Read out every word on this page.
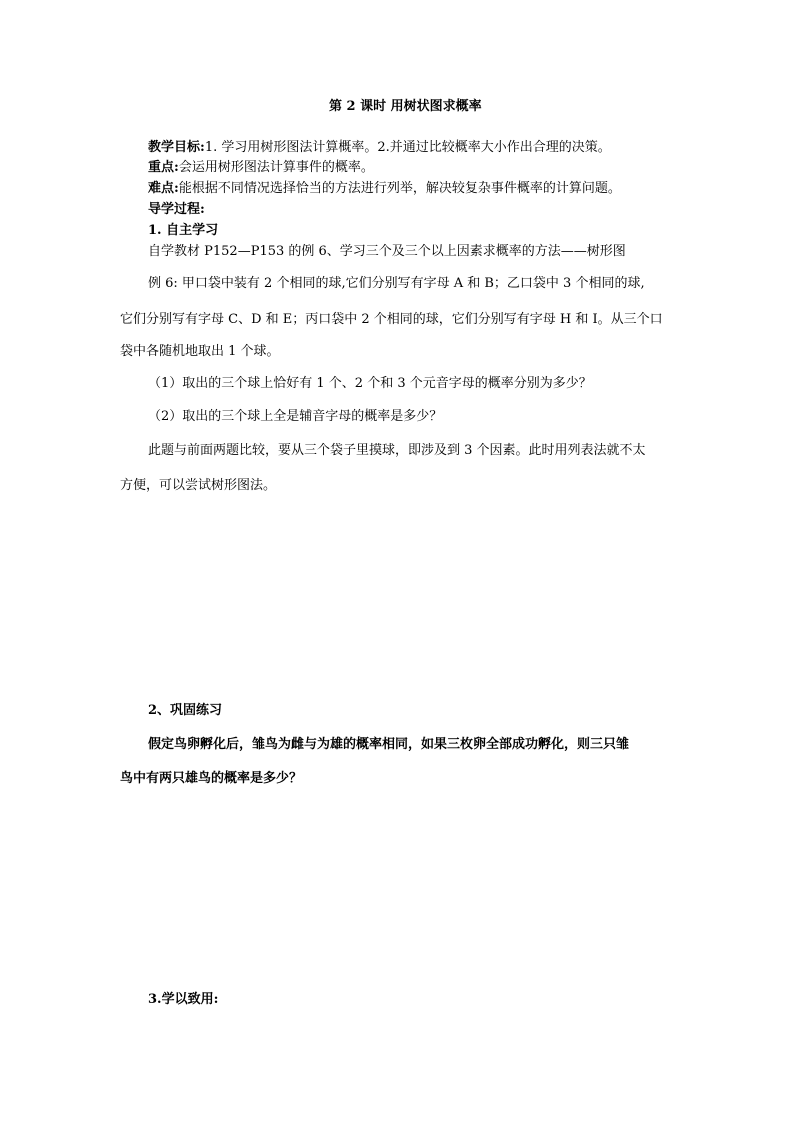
第 2 课时 用树状图求概率
教学目标:1. 学习用树形图法计算概率。2.并通过比较概率大小作出合理的决策。
重点:会运用树形图法计算事件的概率。
难点:能根据不同情况选择恰当的方法进行列举，解决较复杂事件概率的计算问题。
导学过程:
1. 自主学习
自学教材 P152—P153 的例 6、学习三个及三个以上因素求概率的方法——树形图
例 6: 甲口袋中装有 2 个相同的球,它们分别写有字母 A 和 B；乙口袋中 3 个相同的球,
它们分别写有字母 C、D 和 E；丙口袋中 2 个相同的球，它们分别写有字母 H 和 I。从三个口
袋中各随机地取出 1 个球。
（1）取出的三个球上恰好有 1 个、2 个和 3 个元音字母的概率分别为多少？
（2）取出的三个球上全是辅音字母的概率是多少？
此题与前面两题比较，要从三个袋子里摸球，即涉及到 3 个因素。此时用列表法就不太
方便，可以尝试树形图法。
2、巩固练习
假定鸟卵孵化后，雏鸟为雌与为雄的概率相同，如果三枚卵全部成功孵化，则三只雏
鸟中有两只雄鸟的概率是多少？
3.学以致用:
